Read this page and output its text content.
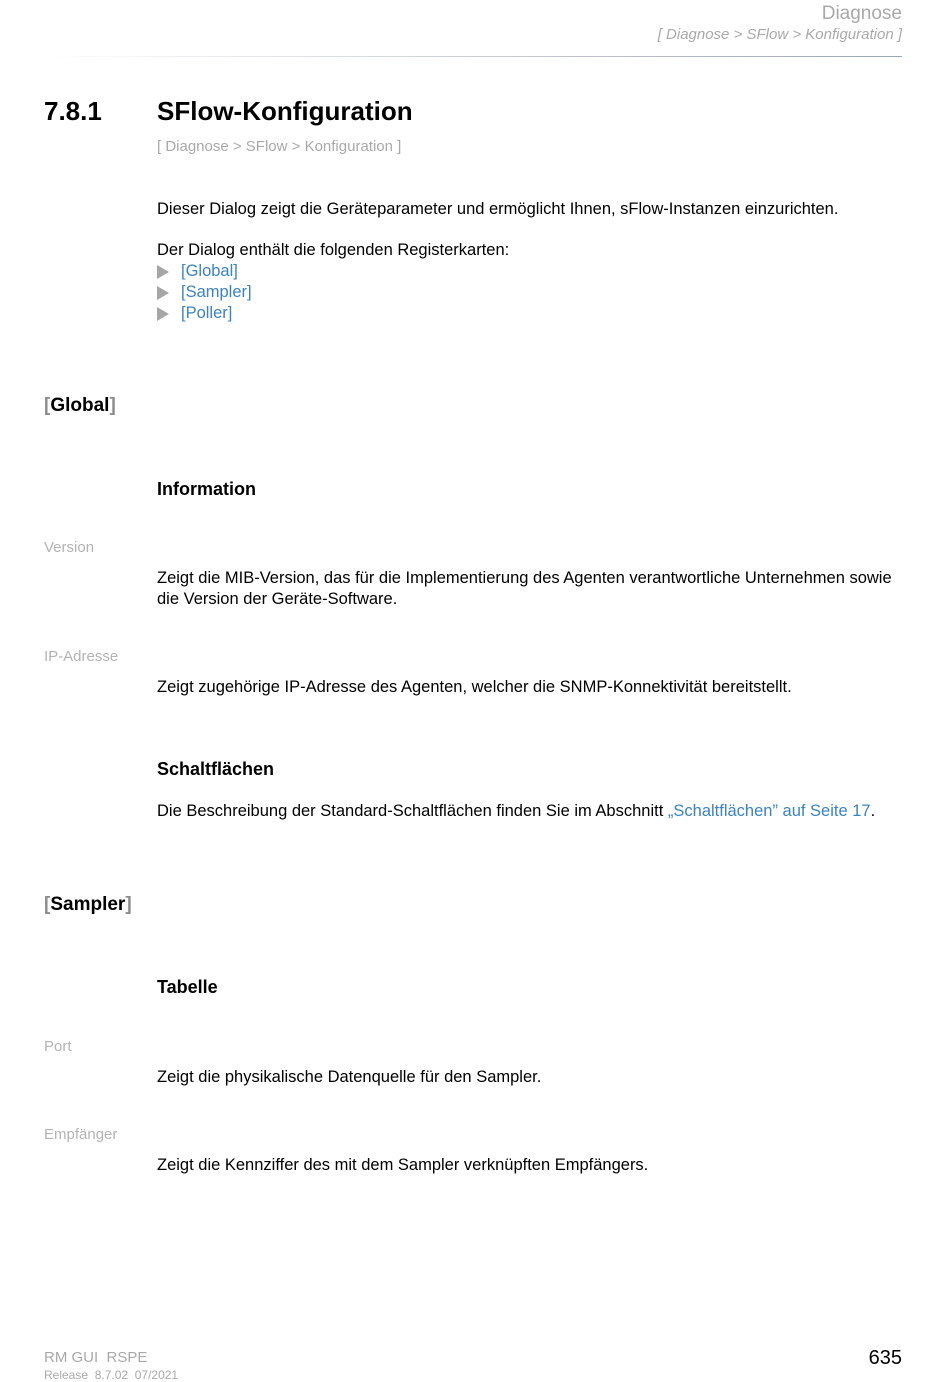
Diagnose
[ Diagnose > SFlow > Konfiguration ]
7.8.1 SFlow-Konfiguration
[ Diagnose > SFlow > Konfiguration ]
Dieser Dialog zeigt die Geräteparameter und ermöglicht Ihnen, sFlow-Instanzen einzurichten.
Der Dialog enthält die folgenden Registerkarten:
[Global]
[Sampler]
[Poller]
[Global]
Information
Version
Zeigt die MIB-Version, das für die Implementierung des Agenten verantwortliche Unternehmen sowie die Version der Geräte-Software.
IP-Adresse
Zeigt zugehörige IP-Adresse des Agenten, welcher die SNMP-Konnektivität bereitstellt.
Schaltflächen
Die Beschreibung der Standard-Schaltflächen finden Sie im Abschnitt „Schaltflächen” auf Seite 17.
[Sampler]
Tabelle
Port
Zeigt die physikalische Datenquelle für den Sampler.
Empfänger
Zeigt die Kennziffer des mit dem Sampler verknüpften Empfängers.
RM GUI  RSPE
Release  8.7.02  07/2021
635
